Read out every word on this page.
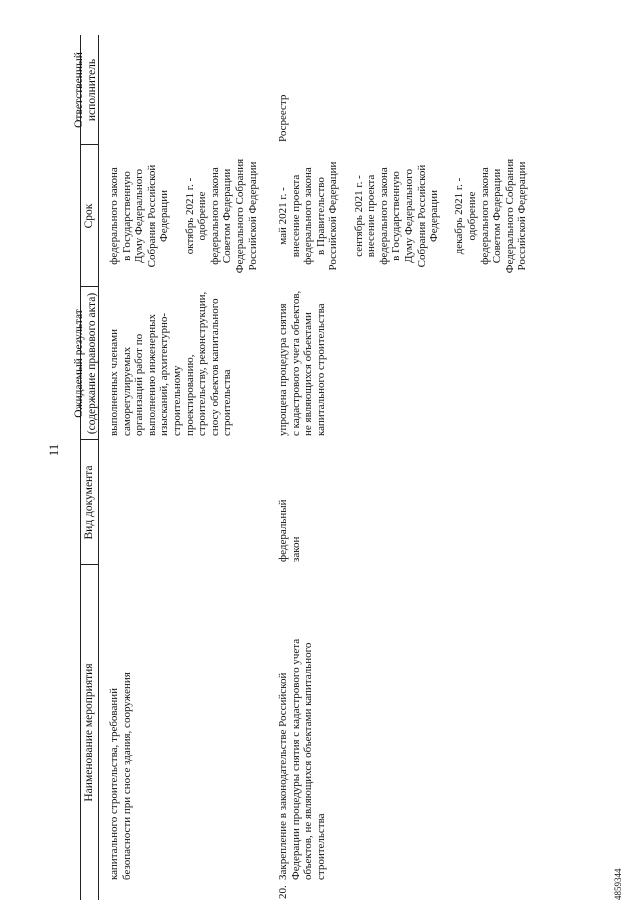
11
Наименование мероприятия
Вид документа
Ожидаемый результат
(содержание правового акта)
Срок
Ответственный
исполнитель
капитального строительства, требований
безопасности при сносе здания, сооружения
выполненных членами
саморегулируемых
организаций работ по
выполнению инженерных
изысканий, архитектурно-
строительному
проектированию,
строительству, реконструкции,
сносу объектов капитального
строительства
федерального закона
в Государственную
Думу Федерального
Собрания Российской
Федерации

октябрь 2021 г. -
одобрение
федерального закона
Советом Федерации
Федерального Собрания
Российской Федерации
20.
Закрепление в законодательстве Российской
Федерации процедуры снятия с кадастрового учета
объектов, не являющихся объектами капитального
строительства
федеральный
закон
упрощена процедура снятия
с кадастрового учета объектов,
не являющихся объектами
капитального строительства
май 2021 г. -
внесение проекта
федерального закона
в Правительство
Российской Федерации

сентябрь 2021 г. -
внесение проекта
федерального закона
в Государственную
Думу Федерального
Собрания Российской
Федерации

декабрь 2021 г. -
одобрение
федерального закона
Советом Федерации
Федерального Собрания
Российской Федерации
Росреестр
4859344
